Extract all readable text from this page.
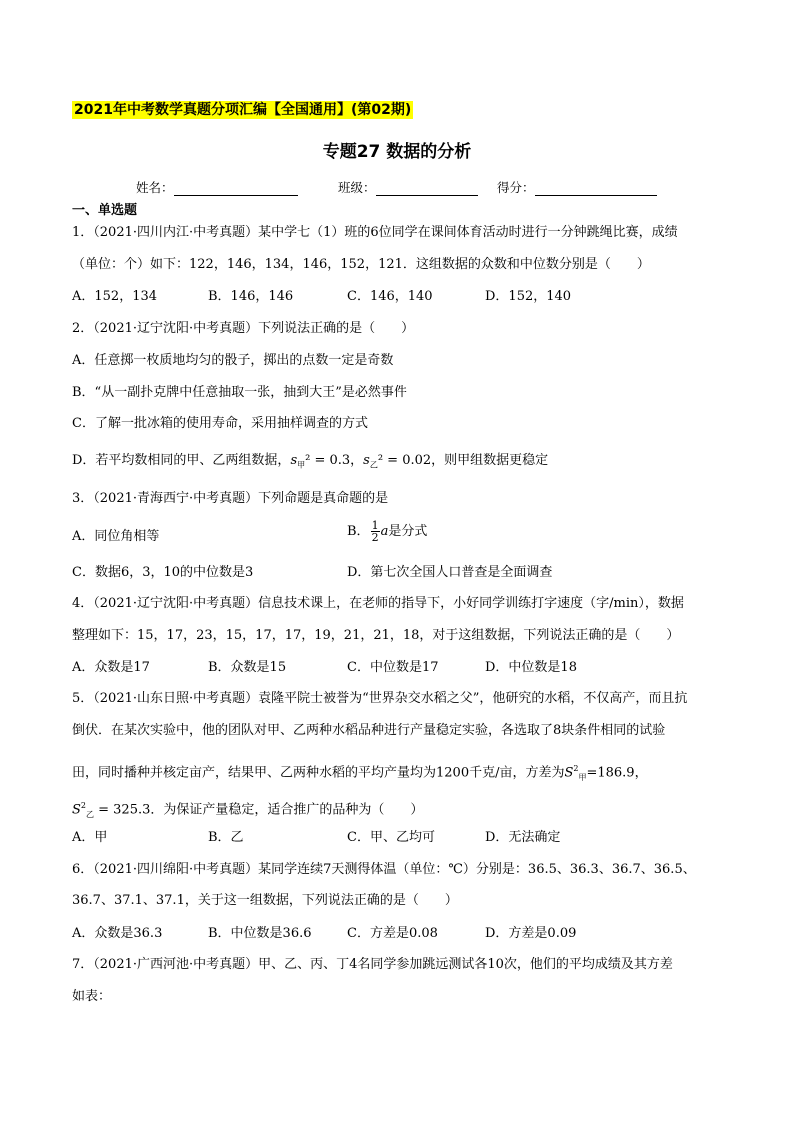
2021年中考数学真题分项汇编【全国通用】(第02期)
专题27 数据的分析
姓名：	班级：	得分：
一、单选题
1．（2021·四川内江·中考真题）某中学七（1）班的6位同学在课间体育活动时进行一分钟跳绳比赛，成绩
（单位：个）如下：122，146，134，146，152，121．这组数据的众数和中位数分别是（　　）
A．152，134	B．146，146	C．146，140	D．152，140
2．（2021·辽宁沈阳·中考真题）下列说法正确的是（　　）
A．任意掷一枚质地均匀的骰子，掷出的点数一定是奇数
B．“从一副扑克牌中任意抽取一张，抽到大王”是必然事件
C．了解一批冰箱的使用寿命，采用抽样调查的方式
D．若平均数相同的甲、乙两组数据，$s_甲^2 = 0.3$，$s_乙^2 = 0.02$，则甲组数据更稳定
3．（2021·青海西宁·中考真题）下列命题是真命题的是
A．同位角相等	B． $\frac{1}{2}$ a是分式
C．数据6，3，10的中位数是3	D．第七次全国人口普查是全面调查
4．（2021·辽宁沈阳·中考真题）信息技术课上，在老师的指导下，小好同学训练打字速度（字/min），数据
整理如下：15，17，23，15，17，17，19，21，21，18，对于这组数据，下列说法正确的是（　　）
A．众数是17	B．众数是15	C．中位数是17	D．中位数是18
5．（2021·山东日照·中考真题）袁隆平院士被誉为“世界杂交水稻之父”，他研究的水稻，不仅高产，而且抗
倒伏．在某次实验中，他的团队对甲、乙两种水稻品种进行产量稳定实验，各选取了8块条件相同的试验
田，同时播种并核定亩产，结果甲、乙两种水稻的平均产量均为1200千克/亩，方差为$S^2_甲=186.9$，
$S^2_乙 = 325.3$．为保证产量稳定，适合推广的品种为（　　）
A．甲	B．乙	C．甲、乙均可	D．无法确定
6．（2021·四川绵阳·中考真题）某同学连续7天测得体温（单位：℃）分别是：36.5、36.3、36.7、36.5、
36.7、37.1、37.1，关于这一组数据，下列说法正确的是（　　）
A．众数是36.3	B．中位数是36.6	C．方差是0.08	D．方差是0.09
7．（2021·广西河池·中考真题）甲、乙、丙、丁4名同学参加跳远测试各10次，他们的平均成绩及其方差
如表：
